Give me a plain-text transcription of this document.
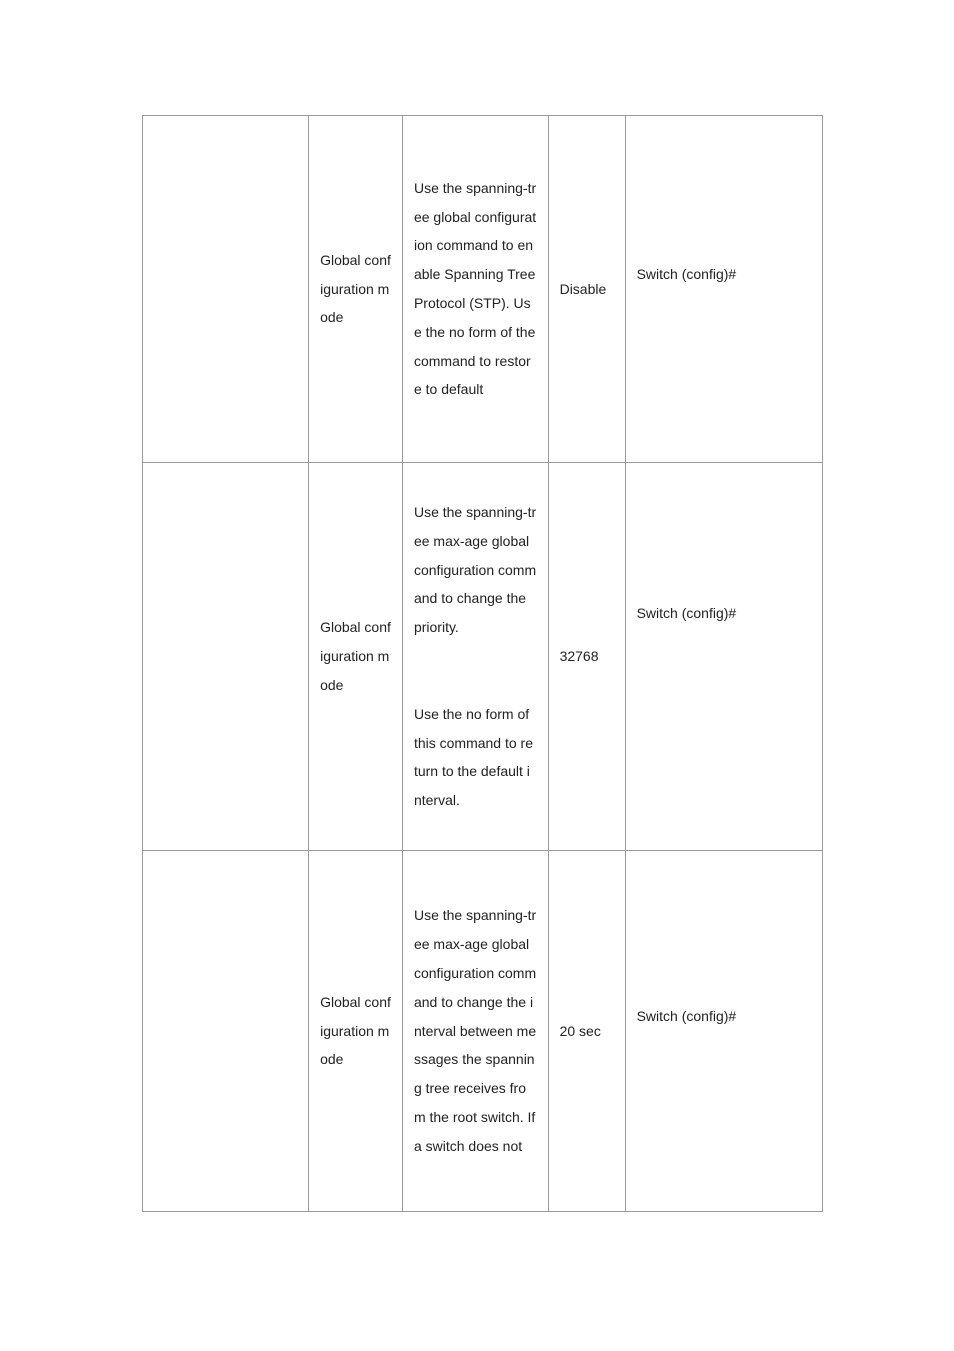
	Global configuration mode	Use the spanning-tree global configuration command to enable Spanning Tree Protocol (STP). Use the no form of the command to restore to default	Disable	Switch (config)#

	Global configuration mode	Use the spanning-tree max-age global configuration command to change the priority.
Use the no form of this command to return to the default interval.	32768	Switch (config)#

	Global configuration mode	Use the spanning-tree max-age global configuration command to change the interval between messages the spanning tree receives from the root switch. If a switch does not	20 sec	Switch (config)#
